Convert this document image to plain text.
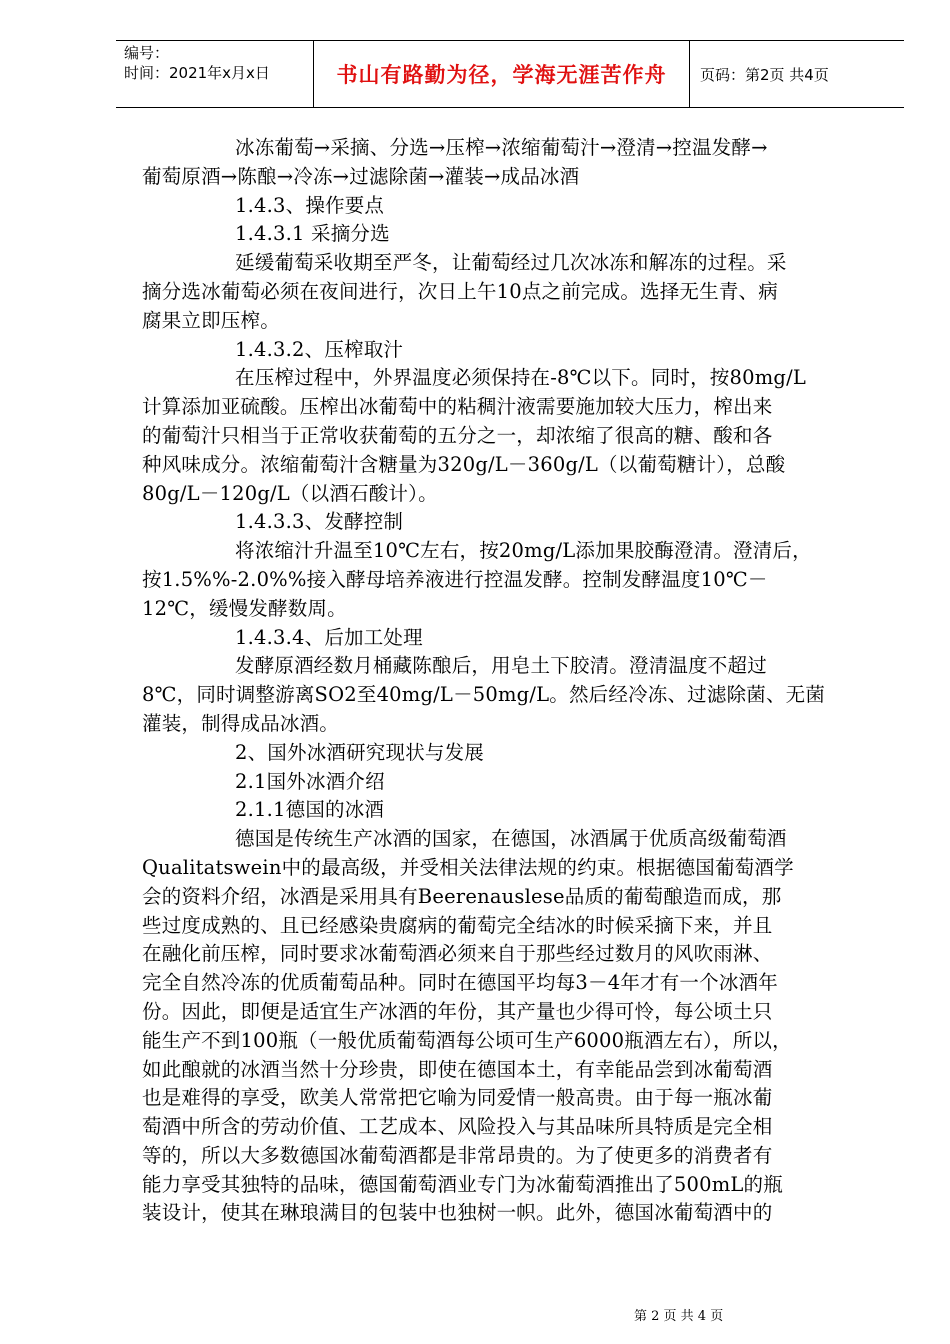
编号：
时间：2021年x月x日	书山有路勤为径，学海无涯苦作舟	页码：第2页 共4页
冰冻葡萄→采摘、分选→压榨→浓缩葡萄汁→澄清→控温发酵→
葡萄原酒→陈酿→冷冻→过滤除菌→灌装→成品冰酒
1.4.3、操作要点
1.4.3.1 采摘分选
延缓葡萄采收期至严冬，让葡萄经过几次冰冻和解冻的过程。采
摘分选冰葡萄必须在夜间进行，次日上午10点之前完成。选择无生青、病
腐果立即压榨。
1.4.3.2、压榨取汁
在压榨过程中，外界温度必须保持在-8℃以下。同时，按80mg/L
计算添加亚硫酸。压榨出冰葡萄中的粘稠汁液需要施加较大压力，榨出来
的葡萄汁只相当于正常收获葡萄的五分之一，却浓缩了很高的糖、酸和各
种风味成分。浓缩葡萄汁含糖量为320g/L－360g/L（以葡萄糖计），总酸
80g/L－120g/L（以酒石酸计）。
1.4.3.3、发酵控制
将浓缩汁升温至10℃左右，按20mg/L添加果胶酶澄清。澄清后，
按1.5%%-2.0%%接入酵母培养液进行控温发酵。控制发酵温度10℃－
12℃，缓慢发酵数周。
1.4.3.4、后加工处理
发酵原酒经数月桶藏陈酿后，用皂土下胶清。澄清温度不超过
8℃，同时调整游离SO2至40mg/L－50mg/L。然后经冷冻、过滤除菌、无菌
灌装，制得成品冰酒。
2、国外冰酒研究现状与发展
2.1国外冰酒介绍
2.1.1德国的冰酒
德国是传统生产冰酒的国家，在德国，冰酒属于优质高级葡萄酒
Qualitatswein中的最高级，并受相关法律法规的约束。根据德国葡萄酒学
会的资料介绍，冰酒是采用具有Beerenauslese品质的葡萄酿造而成，那
些过度成熟的、且已经感染贵腐病的葡萄完全结冰的时候采摘下来，并且
在融化前压榨，同时要求冰葡萄酒必须来自于那些经过数月的风吹雨淋、
完全自然冷冻的优质葡萄品种。同时在德国平均每3－4年才有一个冰酒年
份。因此，即便是适宜生产冰酒的年份，其产量也少得可怜，每公顷土只
能生产不到100瓶（一般优质葡萄酒每公顷可生产6000瓶酒左右），所以，
如此酿就的冰酒当然十分珍贵，即使在德国本土，有幸能品尝到冰葡萄酒
也是难得的享受，欧美人常常把它喻为同爱情一般高贵。由于每一瓶冰葡
萄酒中所含的劳动价值、工艺成本、风险投入与其品味所具特质是完全相
等的，所以大多数德国冰葡萄酒都是非常昂贵的。为了使更多的消费者有
能力享受其独特的品味，德国葡萄酒业专门为冰葡萄酒推出了500mL的瓶
装设计，使其在琳琅满目的包装中也独树一帜。此外，德国冰葡萄酒中的
第 2 页 共 4 页
